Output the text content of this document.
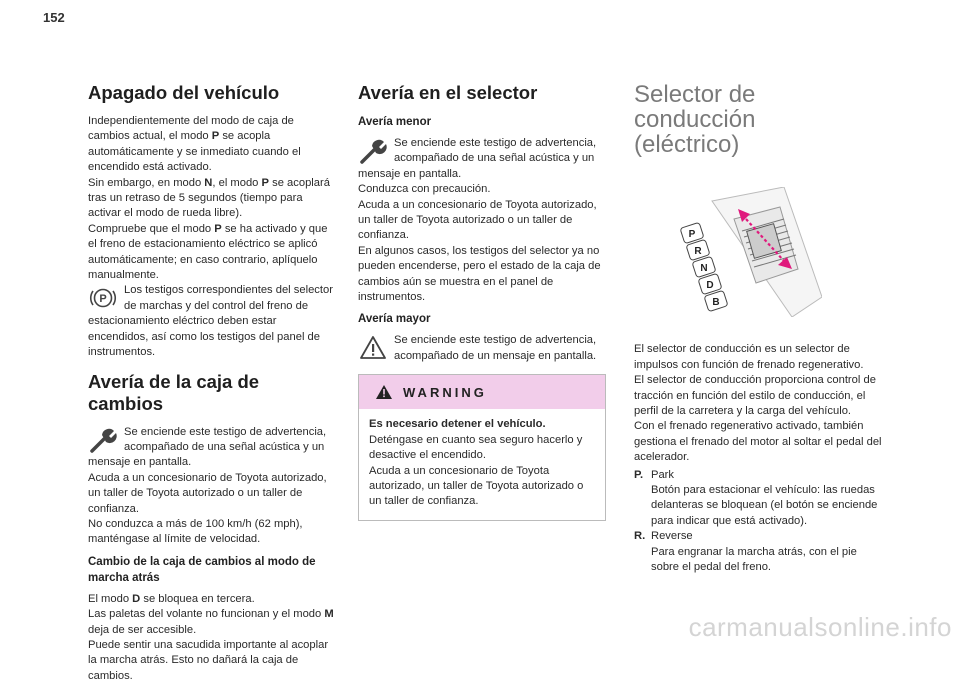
152
Apagado del vehículo

Independientemente del modo de caja de cambios actual, el modo P se acopla automáticamente y se inmediato cuando el encendido está activado.

Sin embargo, en modo N, el modo P se acoplará tras un retraso de 5 segundos (tiempo para activar el modo de rueda libre).

Compruebe que el modo P se ha activado y que el freno de estacionamiento eléctrico se aplicó automáticamente; en caso contrario, aplíquelo manualmente.

P

Los testigos correspondientes del selector de marchas y del control del freno de estacionamiento eléctrico deben estar encendidos, así como los testigos del panel de instrumentos.

Avería de la caja de cambios

Se enciende este testigo de advertencia, acompañado de una señal acústica y un mensaje en pantalla.

Acuda a un concesionario de Toyota autorizado, un taller de Toyota autorizado o un taller de confianza.

No conduzca a más de 100 km/h (62 mph), manténgase al límite de velocidad.

Cambio de la caja de cambios al modo de marcha atrás

El modo D se bloquea en tercera.

Las paletas del volante no funcionan y el modo M deja de ser accesible.

Puede sentir una sacudida importante al acoplar la marcha atrás. Esto no dañará la caja de cambios.

Avería en el selector
Avería menor

Se enciende este testigo de advertencia, acompañado de una señal acústica y un mensaje en pantalla.

Conduzca con precaución.

Acuda a un concesionario de Toyota autorizado, un taller de Toyota autorizado o un taller de confianza.

En algunos casos, los testigos del selector ya no pueden encenderse, pero el estado de la caja de cambios aún se muestra en el panel de instrumentos.

Avería mayor

Se enciende este testigo de advertencia, acompañado de un mensaje en pantalla.

WARNING

Es necesario detener el vehículo.

Deténgase en cuanto sea seguro hacerlo y desactive el encendido.

Acuda a un concesionario de Toyota autorizado, un taller de Toyota autorizado o un taller de confianza.

Selector de conducción
(eléctrico)
P
R
N
D
B

El selector de conducción es un selector de impulsos con función de frenado regenerativo.

El selector de conducción proporciona control de tracción en función del estilo de conducción, el perfil de la carretera y la carga del vehículo.

Con el frenado regenerativo activado, también gestiona el frenado del motor al soltar el pedal del acelerador.

P. Park
Botón para estacionar el vehículo: las ruedas delanteras se bloquean (el botón se enciende para indicar que está activado).
R. Reverse
Para engranar la marcha atrás, con el pie sobre el pedal del freno.
carmanualsonline.info
